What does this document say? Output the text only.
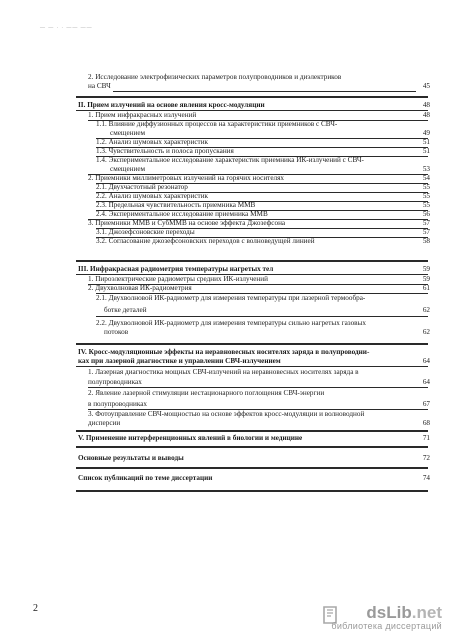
— — · · —— ——
2. Исследование электрофизических параметров полупроводников и диэлектриков
на СВЧ	45
II. Прием излучений на основе явления кросс-модуляции	48
1. Прием инфракрасных излучений	48
1.1. Влияние диффузионных процессов на характеристики приемников с СВЧ-
смещением	49
1.2. Анализ шумовых характеристик	51
1.3. Чувствительность и полоса пропускания	51
1.4. Экспериментальное исследование характеристик приемника ИК-излучений с СВЧ-
смещением	53
2. Приемники миллиметровых излучений на горячих носителях	54
2.1. Двухчастотный резонатор	55
2.2. Анализ шумовых характеристик	55
2.3. Предельная чувствительность приемника ММВ	55
2.4. Экспериментальное исследование приемника ММВ	56
3. Приемники ММВ и СубММВ на основе эффекта Джозефсона	57
3.1. Джозефсоновские переходы	57
3.2. Согласование джозефсоновских переходов с волноведущей линией	58
III. Инфракрасная радиометрия температуры нагретых тел	59
1. Пироэлектрические радиометры средних ИК-излучений	59
2. Двухволновая ИК-радиометрия	61
2.1. Двухволновой ИК-радиометр для измерения температуры при лазерной термообра-
ботке деталей	62
2.2. Двухволновой ИК-радиометр для измерения температуры сильно нагретых газовых
потоков	62
IV. Кросс-модуляционные эффекты на неравновесных носителях заряда в полупроводни-
ках при лазерной диагностике и управлении СВЧ-излучением	64
1. Лазерная диагностика мощных СВЧ-излучений на неравновесных носителях заряда в
полупроводниках	64
2. Явление лазерной стимуляции нестационарного поглощения СВЧ-энергии
в полупроводниках	67
3. Фотоуправление СВЧ-мощностью на основе эффектов кросс-модуляции и волноводной
дисперсии	68
V. Применение интерференционных явлений в биологии и медицине	71
Основные результаты и выводы	72
Список публикаций по теме диссертации	74
2	dsLib.net
библиотека диссертаций
